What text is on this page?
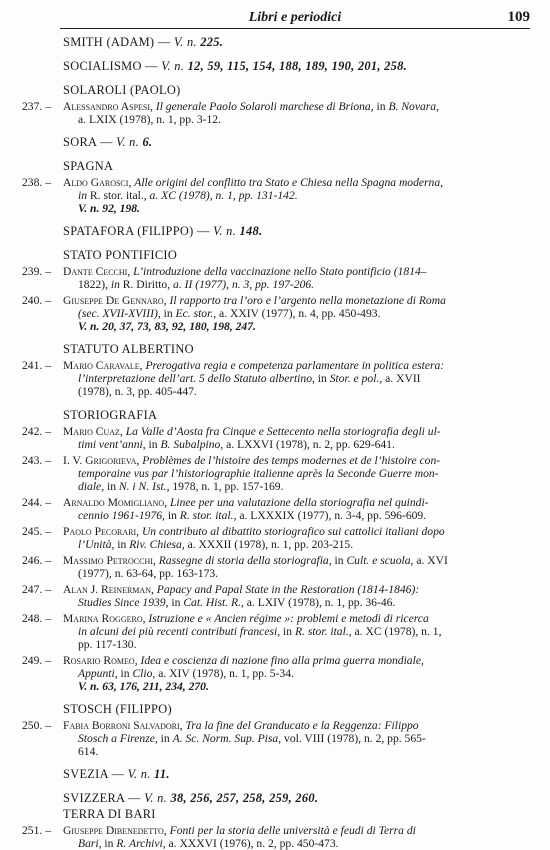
Libri e periodici	109
SMITH (ADAM) — V. n. 225.
SOCIALISMO — V. n. 12, 59, 115, 154, 188, 189, 190, 201, 258.
SOLAROLI (PAOLO)
237. – Alessandro Aspesi, Il generale Paolo Solaroli marchese di Briona, in B. Novara,
a. LXIX (1978), n. 1, pp. 3-12.
SORA — V. n. 6.
SPAGNA
238. – Aldo Garosci, Alle origini del conflitto tra Stato e Chiesa nella Spagna moderna,
in R. stor. ital., a. XC (1978), n. 1, pp. 131-142.
V. n. 92, 198.
SPATAFORA (FILIPPO) — V. n. 148.
STATO PONTIFICIO
239. – Dante Cecchi, L’introduzione della vaccinazione nello Stato pontificio (1814–
1822), in R. Diritto, a. II (1977), n. 3, pp. 197-206.
240. – Giuseppe De Gennaro, Il rapporto tra l’oro e l’argento nella monetazione di Roma
(sec. XVII-XVIII), in Ec. stor., a. XXIV (1977), n. 4, pp. 450-493.
V. n. 20, 37, 73, 83, 92, 180, 198, 247.
STATUTO ALBERTINO
241. – Mario Caravale, Prerogativa regia e competenza parlamentare in politica estera:
l’interpretazione dell’art. 5 dello Statuto albertino, in Stor. e pol., a. XVII
(1978), n. 3, pp. 405-447.
STORIOGRAFIA
242. – Mario Cuaz, La Valle d’Aosta fra Cinque e Settecento nella storiografia degli ul-
timi vent’anni, in B. Subalpino, a. LXXVI (1978), n. 2, pp. 629-641.
243. – I. V. Grigorieva, Problèmes de l’histoire des temps modernes et de l’histoire con-
temporaine vus par l’historiographie italienne après la Seconde Guerre mon-
diale, in N. i N. Ist., 1978, n. 1, pp. 157-169.
244. – Arnaldo Momigliano, Linee per una valutazione della storiografia nel quindi-
cennio 1961-1976, in R. stor. ital., a. LXXXIX (1977), n. 3-4, pp. 596-609.
245. – Paolo Pecorari, Un contributo al dibattito storiografico sui cattolici italiani dopo
l’Unità, in Riv. Chiesa, a. XXXII (1978), n. 1, pp. 203-215.
246. – Massimo Petrocchi, Rassegne di storia della storiografia, in Cult. e scuola, a. XVI
(1977), n. 63-64, pp. 163-173.
247. – Alan J. Reinerman, Papacy and Papal State in the Restoration (1814-1846):
Studies Since 1939, in Cat. Hist. R., a. LXIV (1978), n. 1, pp. 36-46.
248. – Marina Roggero, Istruzione e « Ancien régime »: problemi e metodi di ricerca
in alcuni dei più recenti contributi francesi, in R. stor. ital., a. XC (1978), n. 1,
pp. 117-130.
249. – Rosario Romeo, Idea e coscienza di nazione fino alla prima guerra mondiale,
Appunti, in Clio, a. XIV (1978), n. 1, pp. 5-34.
V. n. 63, 176, 211, 234, 270.
STOSCH (FILIPPO)
250. – Fabia Borroni Salvadori, Tra la fine del Granducato e la Reggenza: Filippo
Stosch a Firenze, in A. Sc. Norm. Sup. Pisa, vol. VIII (1978), n. 2, pp. 565-
614.
SVEZIA — V. n. 11.
SVIZZERA — V. n. 38, 256, 257, 258, 259, 260.
TERRA DI BARI
251. – Giuseppe Dibenedetto, Fonti per la storia delle università e feudi di Terra di
Bari, in R. Archivi, a. XXXVI (1976), n. 2, pp. 450-473.
